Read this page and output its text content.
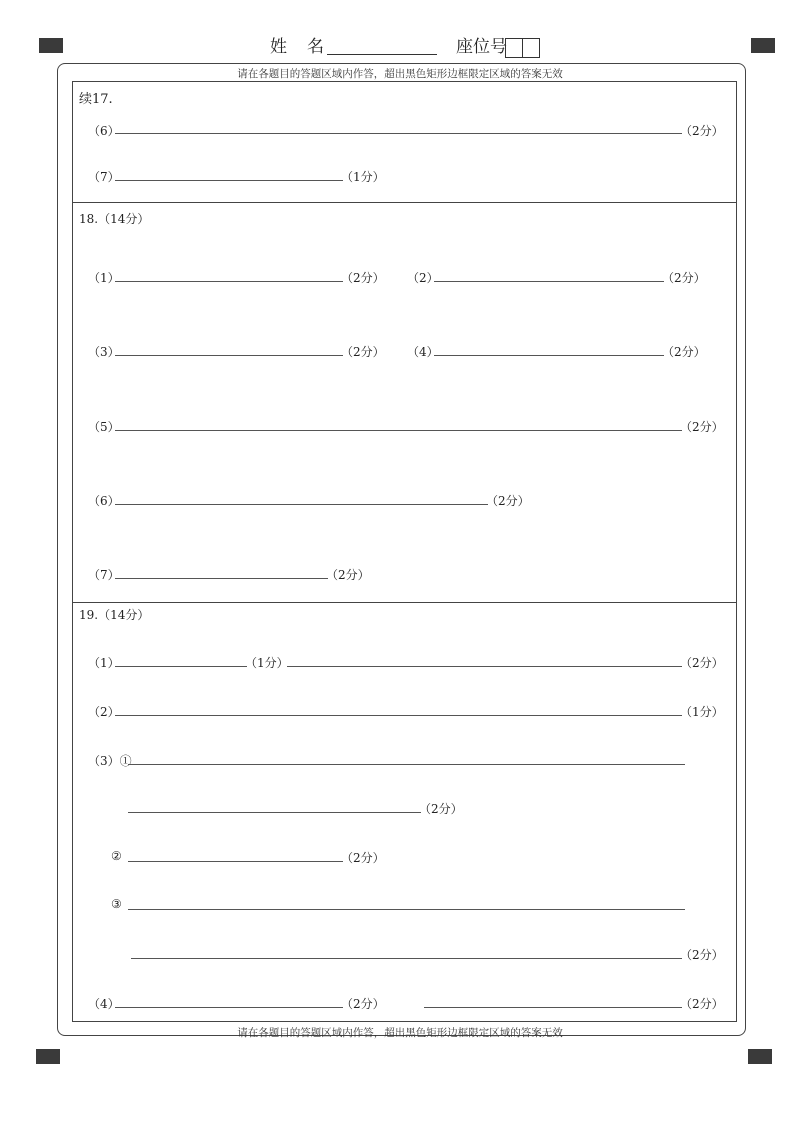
姓名	座位号
请在各题目的答题区域内作答，超出黑色矩形边框限定区域的答案无效
请在各题目的答题区域内作答，超出黑色矩形边框限定区域的答案无效
续17.
（6）	（2分）
（7）	（1分）
18.（14分）
（1）	（2分） （2）	（2分）
（3）	（2分） （4）	（2分）
（5）	（2分）
（6）	（2分）
（7）	（2分）
19.（14分）
（1）	（1分）	（2分）
（2）	（1分）
（3）①
（2分）
②	（2分）
③
（2分）
（4）	（2分）	（2分）
